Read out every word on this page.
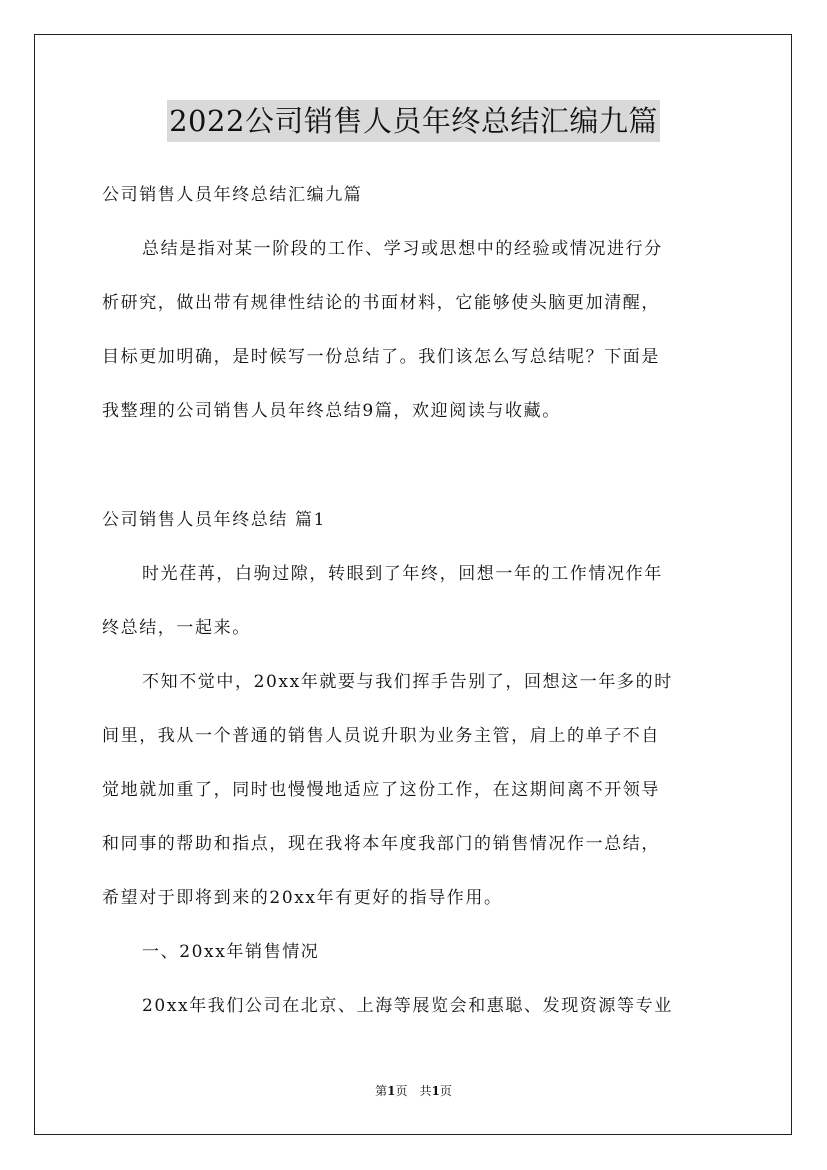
2022公司销售人员年终总结汇编九篇
公司销售人员年终总结汇编九篇
总结是指对某一阶段的工作、学习或思想中的经验或情况进行分
析研究，做出带有规律性结论的书面材料，它能够使头脑更加清醒，
目标更加明确，是时候写一份总结了。我们该怎么写总结呢？下面是
我整理的公司销售人员年终总结9篇，欢迎阅读与收藏。
公司销售人员年终总结 篇1
时光荏苒，白驹过隙，转眼到了年终，回想一年的工作情况作年
终总结，一起来。
不知不觉中，20xx年就要与我们挥手告别了，回想这一年多的时
间里，我从一个普通的销售人员说升职为业务主管，肩上的单子不自
觉地就加重了，同时也慢慢地适应了这份工作，在这期间离不开领导
和同事的帮助和指点，现在我将本年度我部门的销售情况作一总结，
希望对于即将到来的20xx年有更好的指导作用。
一、20xx年销售情况
20xx年我们公司在北京、上海等展览会和惠聪、发现资源等专业
第1页　共1页
